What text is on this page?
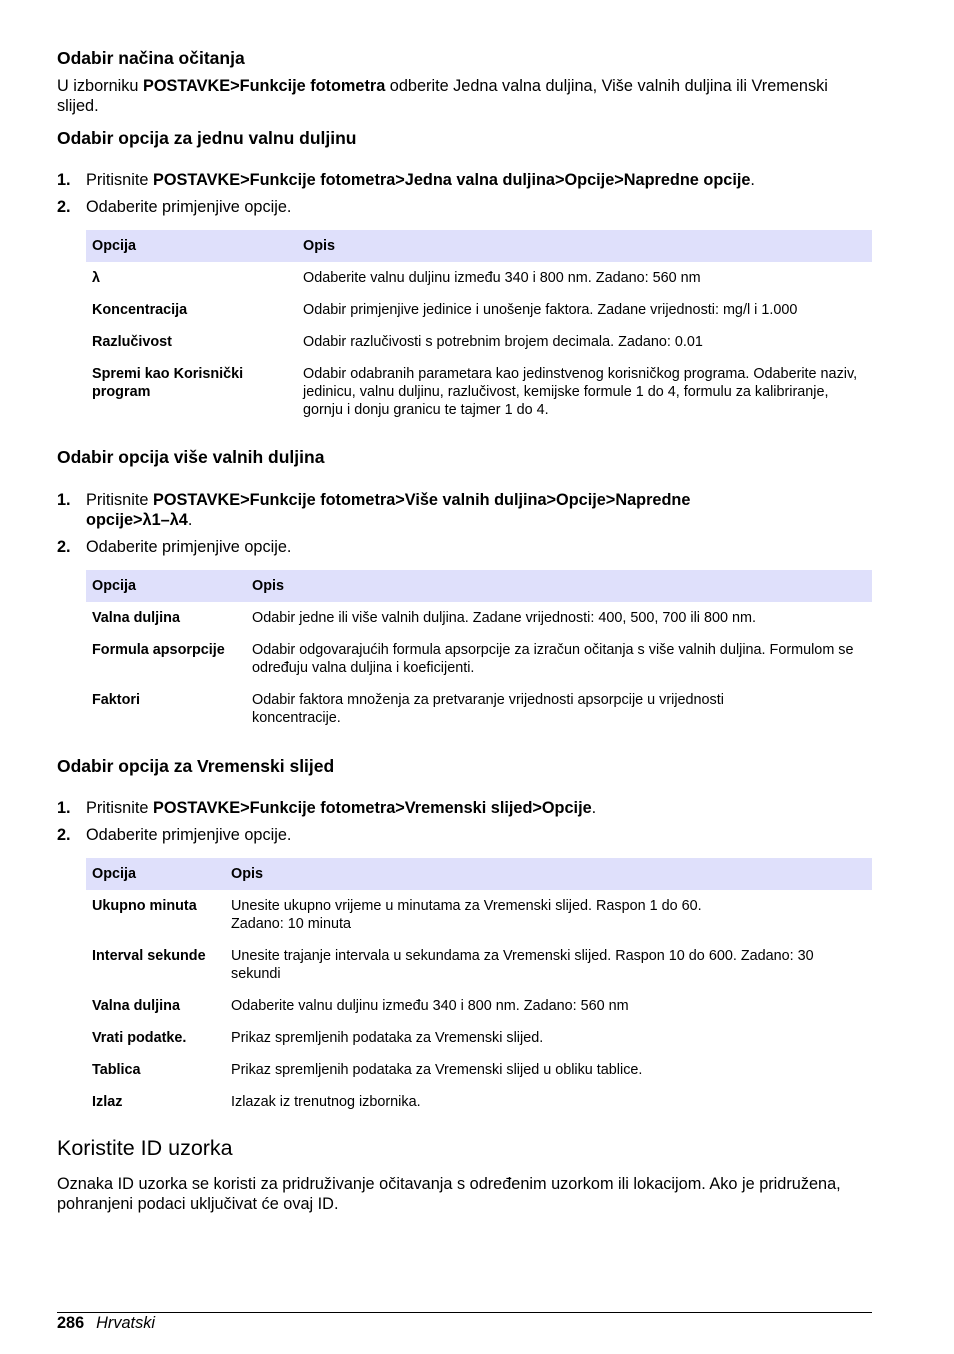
Odabir načina očitanja

U izborniku POSTAVKE>Funkcije fotometra odberite Jedna valna duljina, Više valnih duljina ili Vremenski slijed.

Odabir opcija za jednu valnu duljinu
1. Pritisnite POSTAVKE>Funkcije fotometra>Jedna valna duljina>Opcije>Napredne opcije.
2. Odaberite primjenjive opcije.
Opcija	Opis
λ	Odaberite valnu duljinu između 340 i 800 nm. Zadano: 560 nm
Koncentracija	Odabir primjenjive jedinice i unošenje faktora. Zadane vrijednosti: mg/l i 1.000
Razlučivost	Odabir razlučivosti s potrebnim brojem decimala. Zadano: 0.01
Spremi kao Korisnički program	Odabir odabranih parametara kao jedinstvenog korisničkog programa. Odaberite naziv, jedinicu, valnu duljinu, razlučivost, kemijske formule 1 do 4, formulu za kalibriranje, gornju i donju granicu te tajmer 1 do 4.
Odabir opcija više valnih duljina
1. Pritisnite POSTAVKE>Funkcije fotometra>Više valnih duljina>Opcije>Napredne opcije>λ1–λ4.
2. Odaberite primjenjive opcije.
Opcija	Opis
Valna duljina	Odabir jedne ili više valnih duljina. Zadane vrijednosti: 400, 500, 700 ili 800 nm.
Formula apsorpcije	Odabir odgovarajućih formula apsorpcije za izračun očitanja s više valnih duljina. Formulom se određuju valna duljina i koeficijenti.
Faktori	Odabir faktora množenja za pretvaranje vrijednosti apsorpcije u vrijednosti koncentracije.
Odabir opcija za Vremenski slijed
1. Pritisnite POSTAVKE>Funkcije fotometra>Vremenski slijed>Opcije.
2. Odaberite primjenjive opcije.
Opcija	Opis
Ukupno minuta	Unesite ukupno vrijeme u minutama za Vremenski slijed. Raspon 1 do 60.
Zadano: 10 minuta
Interval sekunde	Unesite trajanje intervala u sekundama za Vremenski slijed. Raspon 10 do 600. Zadano: 30 sekundi
Valna duljina	Odaberite valnu duljinu između 340 i 800 nm. Zadano: 560 nm
Vrati podatke.	Prikaz spremljenih podataka za Vremenski slijed.
Tablica	Prikaz spremljenih podataka za Vremenski slijed u obliku tablice.
Izlaz	Izlazak iz trenutnog izbornika.
Koristite ID uzorka

Oznaka ID uzorka se koristi za pridruživanje očitavanja s određenim uzorkom ili lokacijom. Ako je pridružena, pohranjeni podaci uključivat će ovaj ID.

286 Hrvatski
